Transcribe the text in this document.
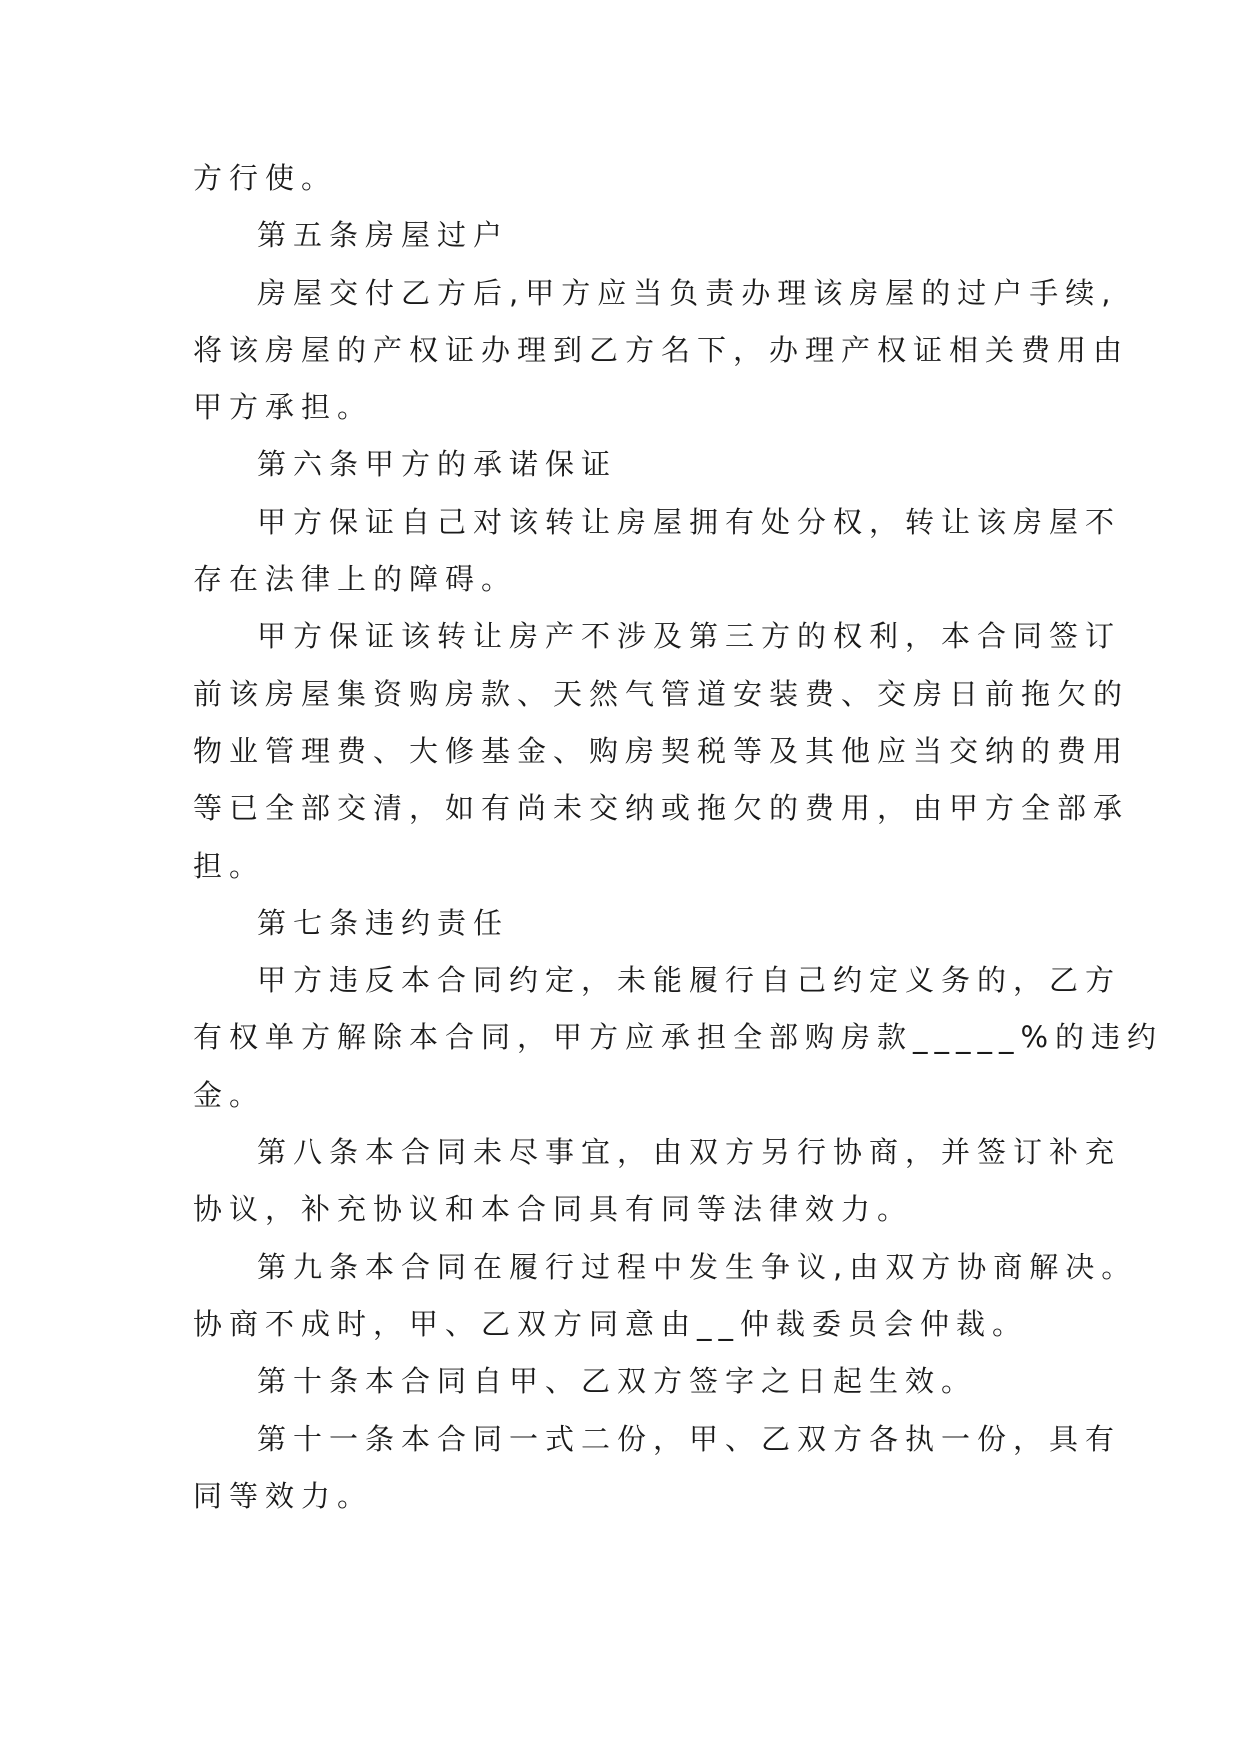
方行使。

第五条房屋过户

房屋交付乙方后,甲方应当负责办理该房屋的过户手续,
将该房屋的产权证办理到乙方名下，办理产权证相关费用由
甲方承担。

第六条甲方的承诺保证

甲方保证自己对该转让房屋拥有处分权，转让该房屋不
存在法律上的障碍。

甲方保证该转让房产不涉及第三方的权利，本合同签订
前该房屋集资购房款、天然气管道安装费、交房日前拖欠的
物业管理费、大修基金、购房契税等及其他应当交纳的费用
等已全部交清，如有尚未交纳或拖欠的费用，由甲方全部承
担。

第七条违约责任

甲方违反本合同约定，未能履行自己约定义务的，乙方
有权单方解除本合同，甲方应承担全部购房款_____%的违约
金。

第八条本合同未尽事宜，由双方另行协商，并签订补充
协议，补充协议和本合同具有同等法律效力。

第九条本合同在履行过程中发生争议,由双方协商解决。
协商不成时，甲、乙双方同意由__仲裁委员会仲裁。

第十条本合同自甲、乙双方签字之日起生效。

第十一条本合同一式二份，甲、乙双方各执一份，具有
同等效力。
